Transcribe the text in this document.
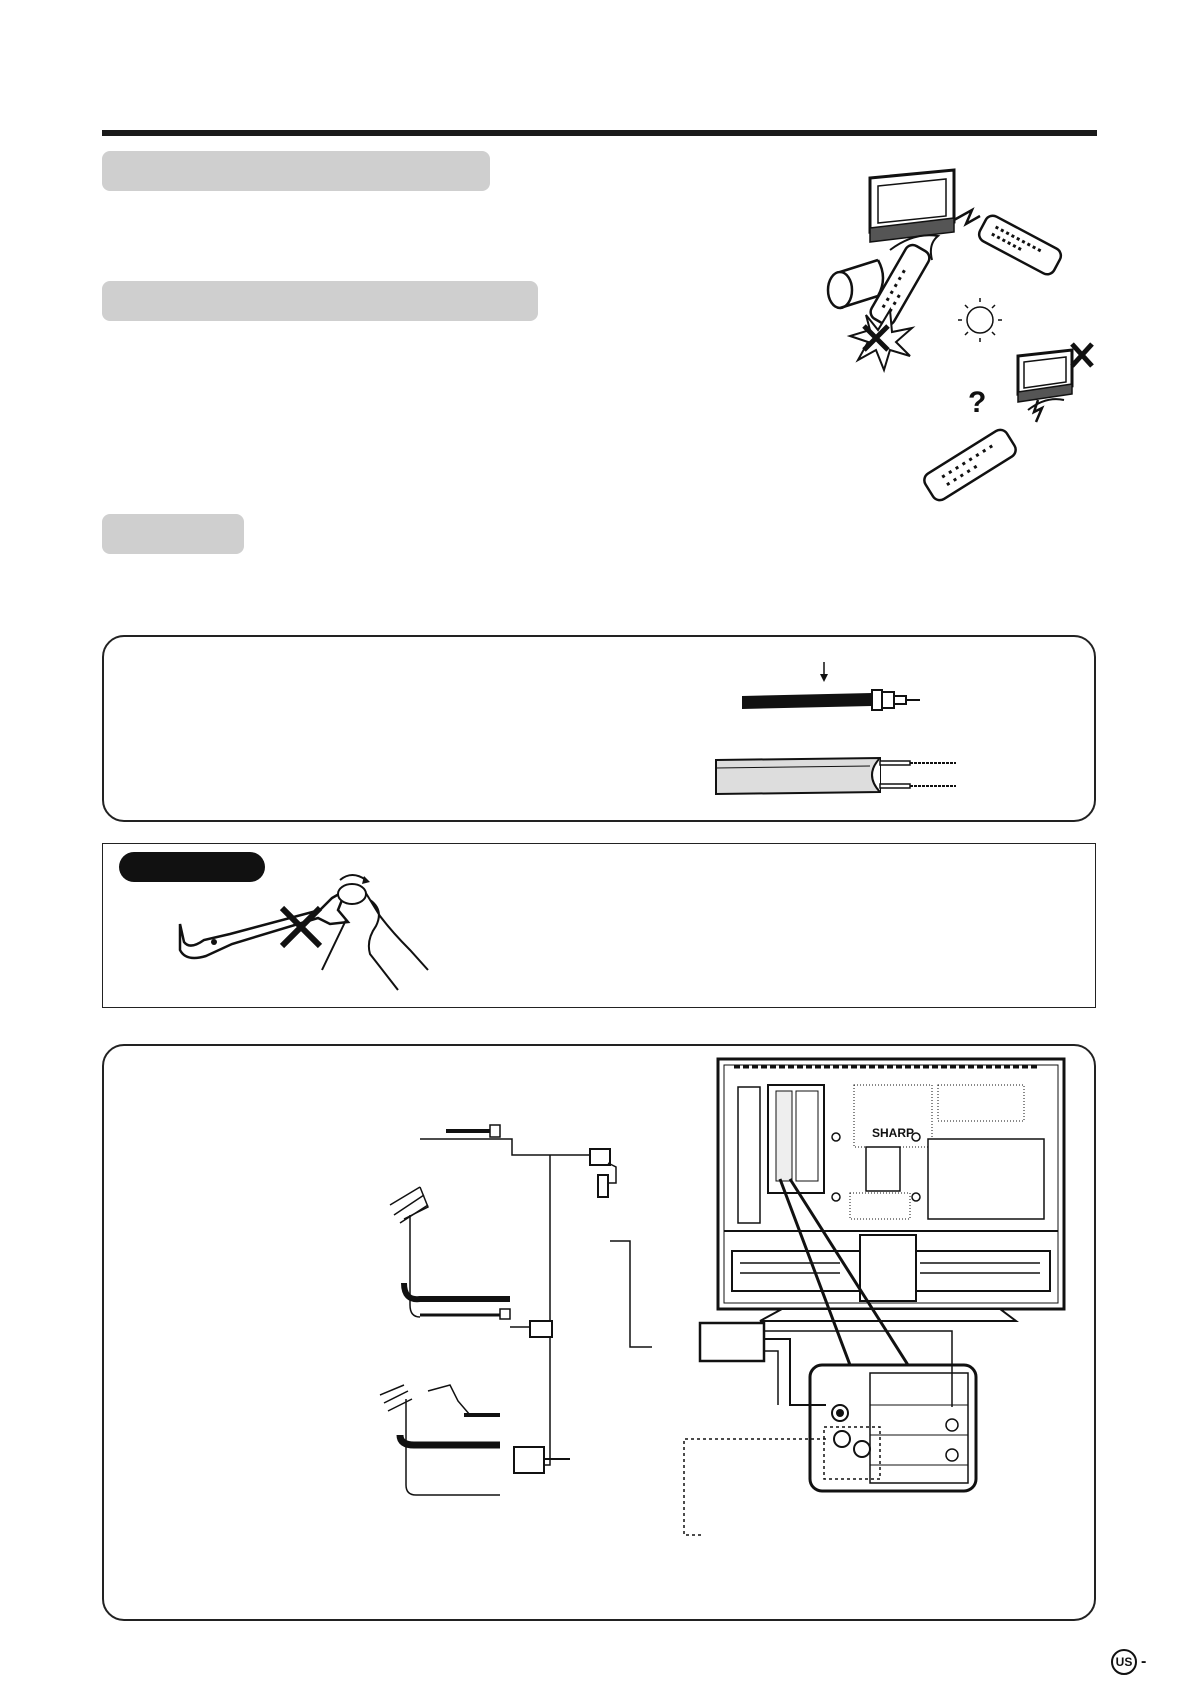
?
SHARP
US -
